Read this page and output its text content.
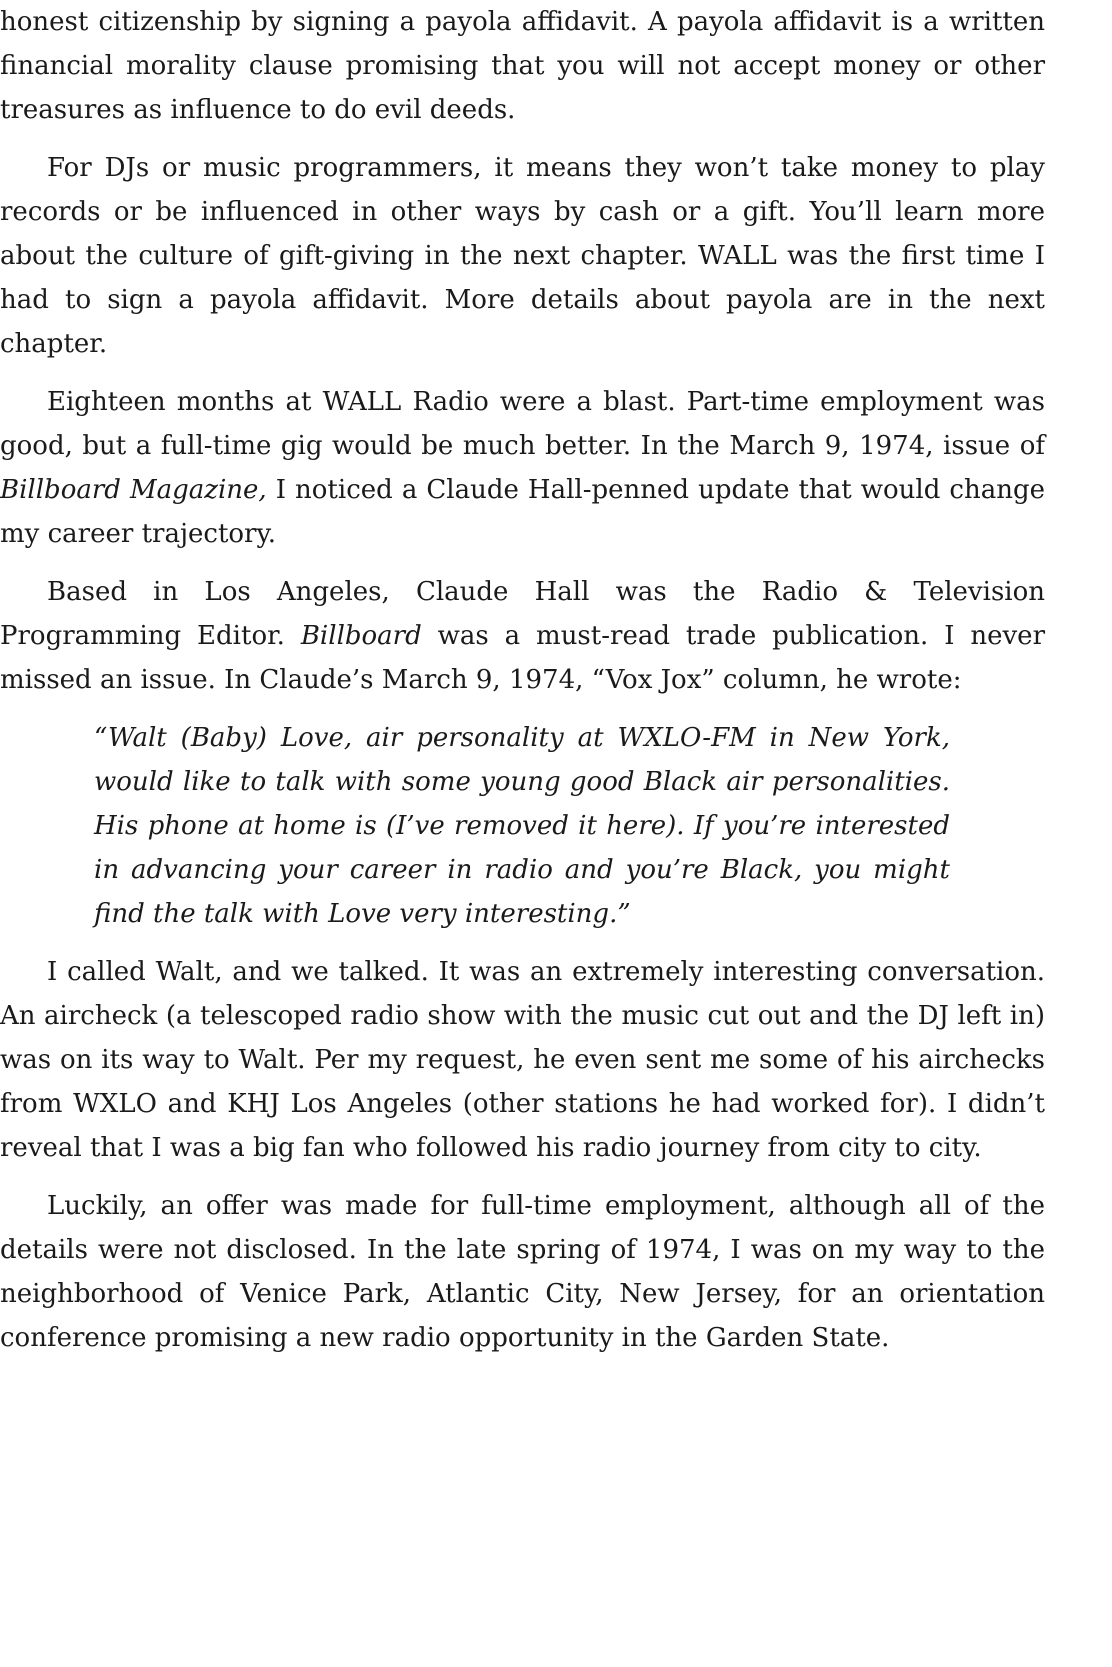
honest citizenship by signing a payola affidavit. A payola affidavit is a written financial morality clause promising that you will not accept money or other treasures as influence to do evil deeds.

For DJs or music programmers, it means they won’t take money to play records or be influenced in other ways by cash or a gift. You’ll learn more about the culture of gift-giving in the next chapter. WALL was the first time I had to sign a payola affidavit. More details about payola are in the next chapter.

Eighteen months at WALL Radio were a blast. Part-time employment was good, but a full-time gig would be much better. In the March 9, 1974, issue of Billboard Magazine, I noticed a Claude Hall-penned update that would change my career trajectory.

Based in Los Angeles, Claude Hall was the Radio & Television Programming Editor. Billboard was a must-read trade publication. I never missed an issue. In Claude’s March 9, 1974, “Vox Jox” column, he wrote:

“Walt (Baby) Love, air personality at WXLO-FM in New York, would like to talk with some young good Black air personalities. His phone at home is (I’ve removed it here). If you’re interested in advancing your career in radio and you’re Black, you might find the talk with Love very interesting.”

I called Walt, and we talked. It was an extremely interesting conversation. An aircheck (a telescoped radio show with the music cut out and the DJ left in) was on its way to Walt. Per my request, he even sent me some of his airchecks from WXLO and KHJ Los Angeles (other stations he had worked for). I didn’t reveal that I was a big fan who followed his radio journey from city to city.

Luckily, an offer was made for full-time employment, although all of the details were not disclosed. In the late spring of 1974, I was on my way to the neighborhood of Venice Park, Atlantic City, New Jersey, for an orientation conference promising a new radio opportunity in the Garden State.
